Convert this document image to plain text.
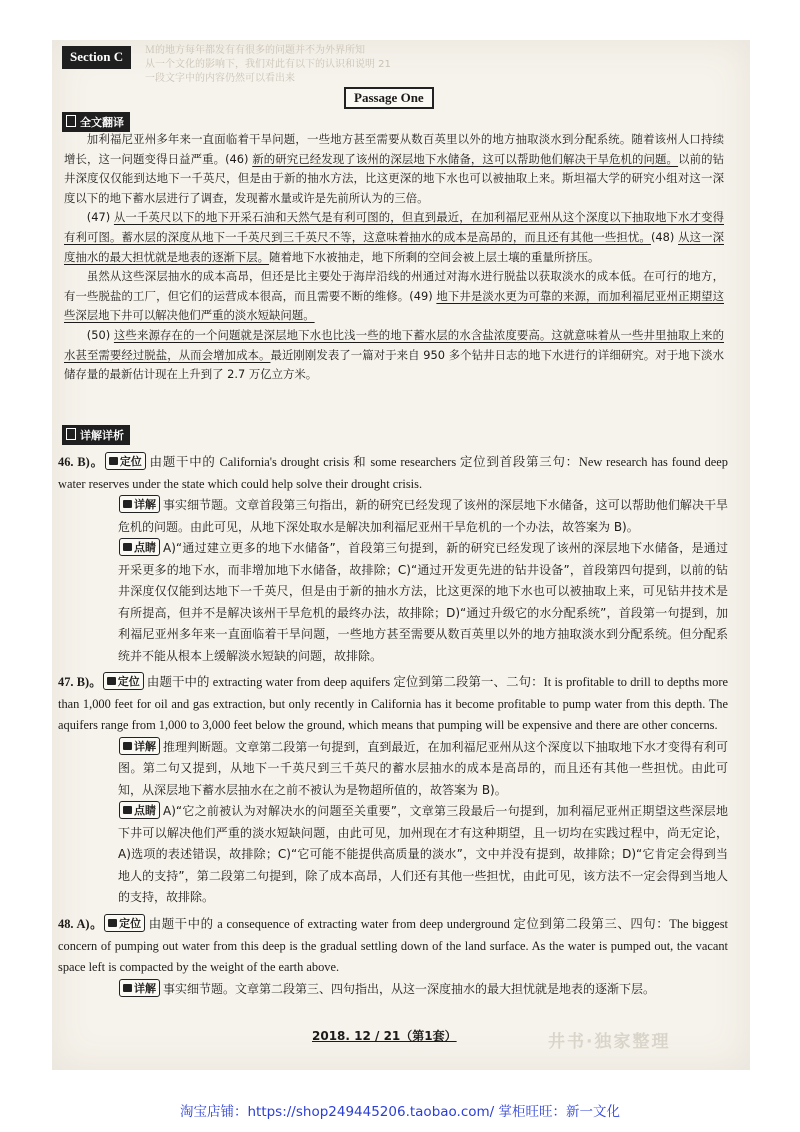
Section C	Ｍ的地方每年都发有有很多的问题并不为外界所知
从一个文化的影响下，我们对此有以下的认识和说明 21
一段文字中的内容仍然可以看出来
Passage One
全文翻译

加利福尼亚州多年来一直面临着干旱问题，一些地方甚至需要从数百英里以外的地方抽取淡水到分配系统。随着该州人口持续增长，这一问题变得日益严重。(46) 新的研究已经发现了该州的深层地下水储备，这可以帮助他们解决干旱危机的问题。以前的钻井深度仅仅能到达地下一千英尺，但是由于新的抽水方法，比这更深的地下水也可以被抽取上来。斯坦福大学的研究小组对这一深度以下的地下蓄水层进行了调查，发现蓄水量或许是先前所认为的三倍。

(47) 从一千英尺以下的地下开采石油和天然气是有利可图的，但直到最近，在加利福尼亚州从这个深度以下抽取地下水才变得有利可图。蓄水层的深度从地下一千英尺到三千英尺不等，这意味着抽水的成本是高昂的，而且还有其他一些担忧。(48) 从这一深度抽水的最大担忧就是地表的逐渐下层。随着地下水被抽走，地下所剩的空间会被上层土壤的重量所挤压。

虽然从这些深层抽水的成本高昂，但还是比主要处于海岸沿线的州通过对海水进行脱盐以获取淡水的成本低。在可行的地方，有一些脱盐的工厂，但它们的运营成本很高，而且需要不断的维修。(49) 地下井是淡水更为可靠的来源，而加利福尼亚州正期望这些深层地下井可以解决他们严重的淡水短缺问题。

(50) 这些来源存在的一个问题就是深层地下水也比浅一些的地下蓄水层的水含盐浓度要高。这就意味着从一些井里抽取上来的水甚至需要经过脱盐，从而会增加成本。最近刚刚发表了一篇对于来自 950 多个钻井日志的地下水进行的详细研究。对于地下淡水储存量的最新估计现在上升到了 2.7 万亿立方米。

详解详析
46. B)。 定位 由题干中的 California's drought crisis 和 some researchers 定位到首段第三句：New research has found deep water reserves under the state which could help solve their drought crisis.
详解 事实细节题。文章首段第三句指出，新的研究已经发现了该州的深层地下水储备，这可以帮助他们解决干旱危机的问题。由此可见，从地下深处取水是解决加利福尼亚州干旱危机的一个办法，故答案为 B)。
点睛 A)“通过建立更多的地下水储备”，首段第三句提到，新的研究已经发现了该州的深层地下水储备，是通过开采更多的地下水，而非增加地下水储备，故排除；C)“通过开发更先进的钻井设备”，首段第四句提到，以前的钻井深度仅仅能到达地下一千英尺，但是由于新的抽水方法，比这更深的地下水也可以被抽取上来，可见钻井技术是有所提高，但并不是解决该州干旱危机的最终办法，故排除；D)“通过升级它的水分配系统”，首段第一句提到，加利福尼亚州多年来一直面临着干旱问题，一些地方甚至需要从数百英里以外的地方抽取淡水到分配系统。但分配系统并不能从根本上缓解淡水短缺的问题，故排除。
47. B)。 定位 由题干中的 extracting water from deep aquifers 定位到第二段第一、二句：It is profitable to drill to depths more than 1,000 feet for oil and gas extraction, but only recently in California has it become profitable to pump water from this depth. The aquifers range from 1,000 to 3,000 feet below the ground, which means that pumping will be expensive and there are other concerns.
详解 推理判断题。文章第二段第一句提到，直到最近，在加利福尼亚州从这个深度以下抽取地下水才变得有利可图。第二句又提到，从地下一千英尺到三千英尺的蓄水层抽水的成本是高昂的，而且还有其他一些担忧。由此可知，从深层地下蓄水层抽水在之前不被认为是物超所值的，故答案为 B)。
点睛 A)“它之前被认为对解决水的问题至关重要”，文章第三段最后一句提到，加利福尼亚州正期望这些深层地下井可以解决他们严重的淡水短缺问题，由此可见，加州现在才有这种期望，且一切均在实践过程中，尚无定论，A)选项的表述错误，故排除；C)“它可能不能提供高质量的淡水”，文中并没有提到，故排除；D)“它肯定会得到当地人的支持”，第二段第二句提到，除了成本高昂，人们还有其他一些担忧，由此可见，该方法不一定会得到当地人的支持，故排除。
48. A)。 定位 由题干中的 a consequence of extracting water from deep underground 定位到第二段第三、四句：The biggest concern of pumping out water from this deep is the gradual settling down of the land surface. As the water is pumped out, the vacant space left is compacted by the weight of the earth above.
详解 事实细节题。文章第二段第三、四句指出，从这一深度抽水的最大担忧就是地表的逐渐下层。
2018. 12 / 21（第1套）	井书·独家整理
淘宝店铺：https://shop249445206.taobao.com/ 掌柜旺旺：新一文化
